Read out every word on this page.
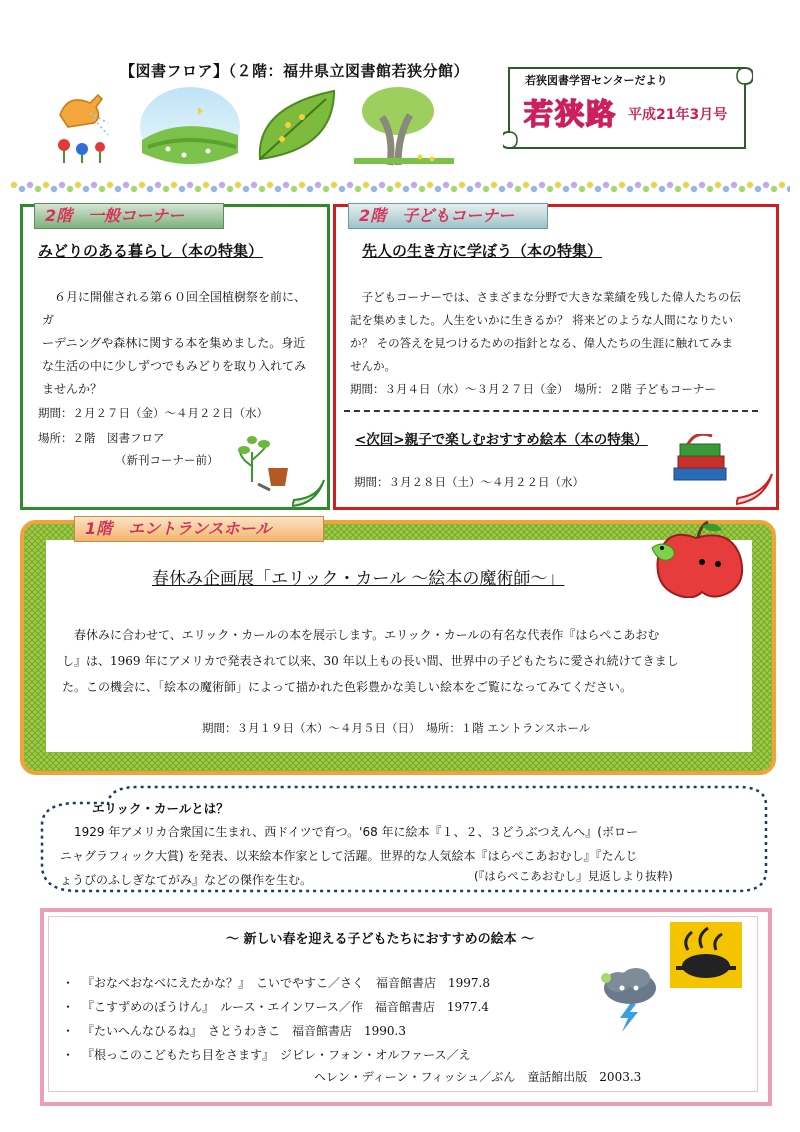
【図書フロア】（２階：福井県立図書館若狭分館）
若狭図書学習センターだより
若狭路 平成21年3月号
2階　一般コーナー
みどりのある暮らし（本の特集）
　６月に開催される第６０回全国植樹祭を前に、ガ
ーデニングや森林に関する本を集めました。身近
な生活の中に少しずつでもみどりを取り入れてみ
ませんか？
期間：２月２７日（金）～４月２２日（水）
場所：２階　図書フロア
（新刊コーナー前）
2階　子どもコーナー
先人の生き方に学ぼう（本の特集）
　子どもコーナーでは、さまざまな分野で大きな業績を残した偉人たちの伝
記を集めました。人生をいかに生きるか？ 将来どのような人間になりたい
か？ その答えを見つけるための指針となる、偉人たちの生涯に触れてみま
せんか。
期間：３月４日（水）～３月２７日（金）　場所：２階 子どもコーナー
<次回>親子で楽しむおすすめ絵本（本の特集）
期間：３月２８日（土）～４月２２日（水）
1階　エントランスホール
春休み企画展「エリック・カール ～絵本の魔術師～」
　春休みに合わせて、エリック・カールの本を展示します。エリック・カールの有名な代表作『はらぺこあおむ
し』は、1969 年にアメリカで発表されて以来、30 年以上もの長い間、世界中の子どもたちに愛され続けてきまし
た。この機会に、「絵本の魔術師」によって描かれた色彩豊かな美しい絵本をご覧になってみてください。
期間：３月１９日（木）～４月５日（日）　場所：１階 エントランスホール
エリック・カールとは？
1929 年アメリカ合衆国に生まれ、西ドイツで育つ。'68 年に絵本『１、２、３どうぶつえんへ』(ボロー
ニャグラフィック大賞) を発表、以来絵本作家として活躍。世界的な人気絵本『はらぺこあおむし』『たんじ
ょうびのふしぎなてがみ』などの傑作を生む。	(『はらぺこあおむし』見返しより抜粋)
～ 新しい春を迎える子どもたちにおすすめの絵本 ～
・ 『おなべおなべにえたかな？』　こいでやすこ／さく　福音館書店　1997.8
・ 『こすずめのぼうけん』　ルース・エインワース／作　福音館書店　1977.4
・ 『たいへんなひるね』　さとうわきこ　福音館書店　1990.3
・ 『根っこのこどもたち目をさます』　ジビレ・フォン・オルファース／え
ヘレン・ディーン・フィッシュ／ぶん　童話館出版　2003.3
